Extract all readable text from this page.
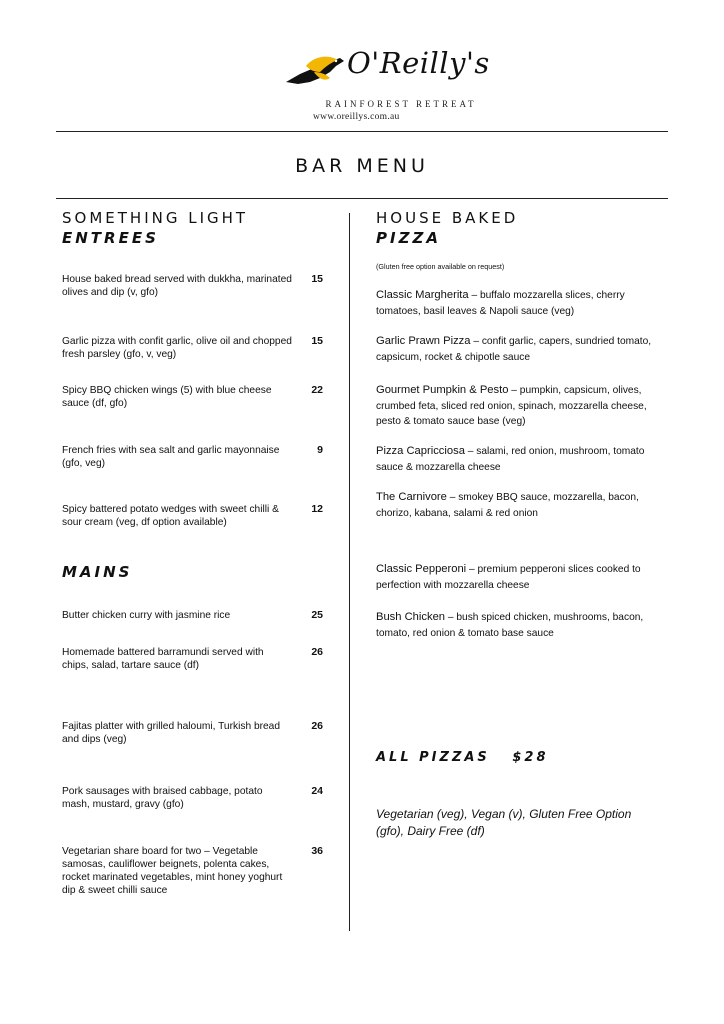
O'Reilly's
RAINFOREST RETREAT
www.oreillys.com.au
BAR MENU
SOMETHING LIGHT
ENTREES
House baked bread served with dukkha, marinated olives and dip (v, gfo)
15
Garlic pizza with confit garlic, olive oil and chopped fresh parsley (gfo, v, veg)
15
Spicy BBQ chicken wings (5) with blue cheese sauce (df, gfo)
22
French fries with sea salt and garlic mayonnaise (gfo, veg)
9
Spicy battered potato wedges with sweet chilli & sour cream (veg, df option available)
12
MAINS
Butter chicken curry with jasmine rice	25
Homemade battered barramundi served with chips, salad, tartare sauce (df)
26
Fajitas platter with grilled haloumi, Turkish bread and dips (veg)
26
Pork sausages with braised cabbage, potato mash, mustard, gravy (gfo)
24
Vegetarian share board for two – Vegetable samosas, cauliflower beignets, polenta cakes, rocket marinated vegetables, mint honey yoghurt dip & sweet chilli sauce
36
HOUSE BAKED
PIZZA
(Gluten free option available on request)
Classic Margherita – buffalo mozzarella slices, cherry tomatoes, basil leaves & Napoli sauce (veg)
Garlic Prawn Pizza – confit garlic, capers, sundried tomato, capsicum, rocket & chipotle sauce
Gourmet Pumpkin & Pesto – pumpkin, capsicum, olives, crumbed feta, sliced red onion, spinach, mozzarella cheese, pesto & tomato sauce base (veg)
Pizza Capricciosa – salami, red onion, mushroom, tomato sauce & mozzarella cheese
The Carnivore – smokey BBQ sauce, mozzarella, bacon, chorizo, kabana, salami & red onion
Classic Pepperoni – premium pepperoni slices cooked to perfection with mozzarella cheese
Bush Chicken – bush spiced chicken, mushrooms, bacon, tomato, red onion & tomato base sauce
ALL PIZZAS $28
Vegetarian (veg), Vegan (v), Gluten Free Option (gfo), Dairy Free (df)
